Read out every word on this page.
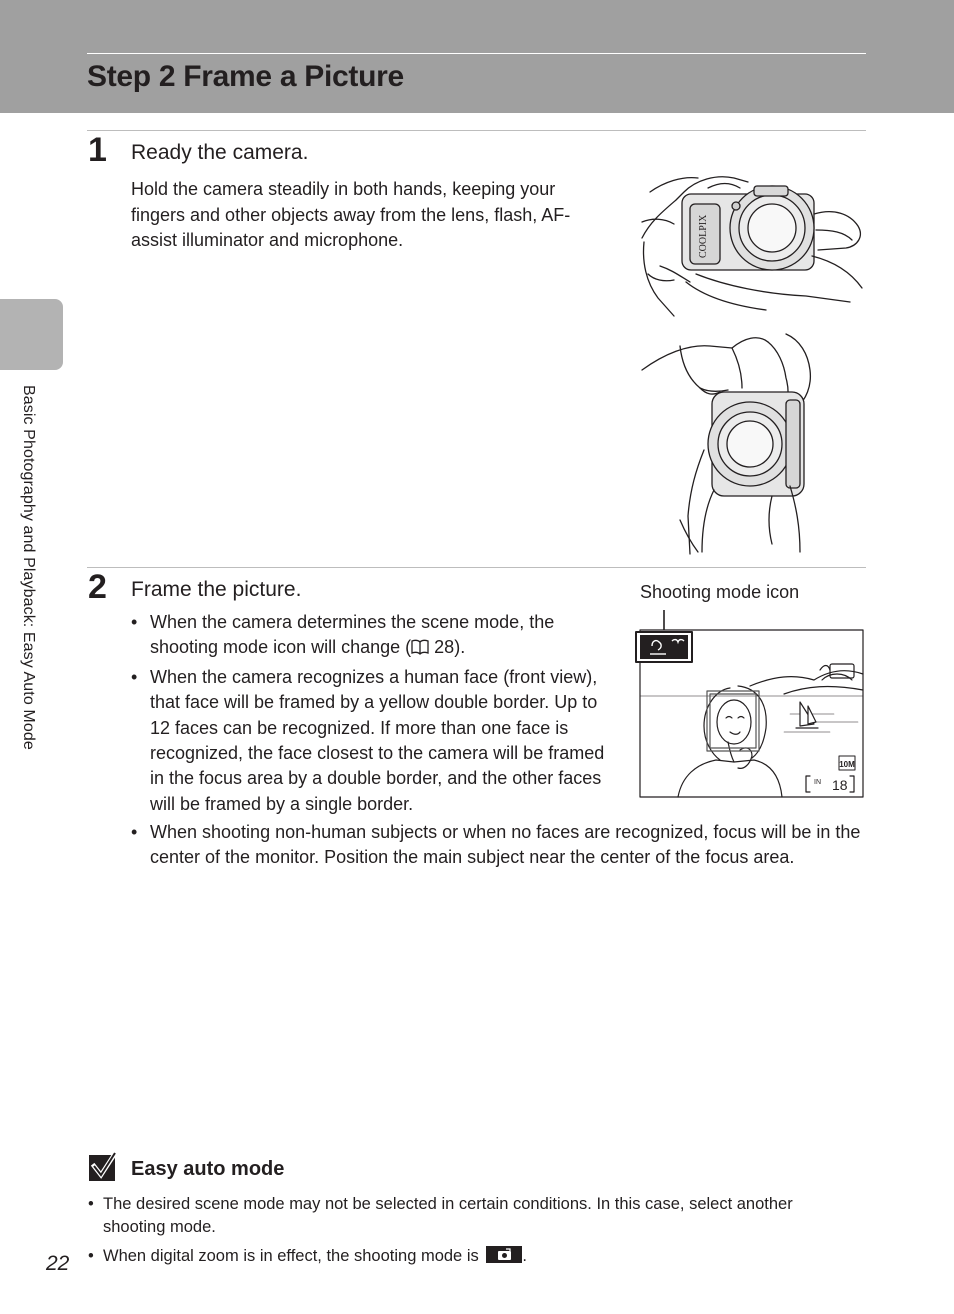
Step 2 Frame a Picture
Basic Photography and Playback: Easy Auto Mode
1 Ready the camera.
Hold the camera steadily in both hands, keeping your fingers and other objects away from the lens, flash, AF-assist illuminator and microphone.	COOLPIX
2 Frame the picture.
• When the camera determines the scene mode, the shooting mode icon will change ( 28).
• When the camera recognizes a human face (front view), that face will be framed by a yellow double border. Up to 12 faces can be recognized. If more than one face is recognized, the face closest to the camera will be framed in the focus area by a double border, and the other faces will be framed by a single border.
• When shooting non-human subjects or when no faces are recognized, focus will be in the center of the monitor. Position the main subject near the center of the focus area.
Shooting mode icon
10M
IN 18
Easy auto mode
• The desired scene mode may not be selected in certain conditions. In this case, select another shooting mode.
• When digital zoom is in effect, the shooting mode is	.
22
